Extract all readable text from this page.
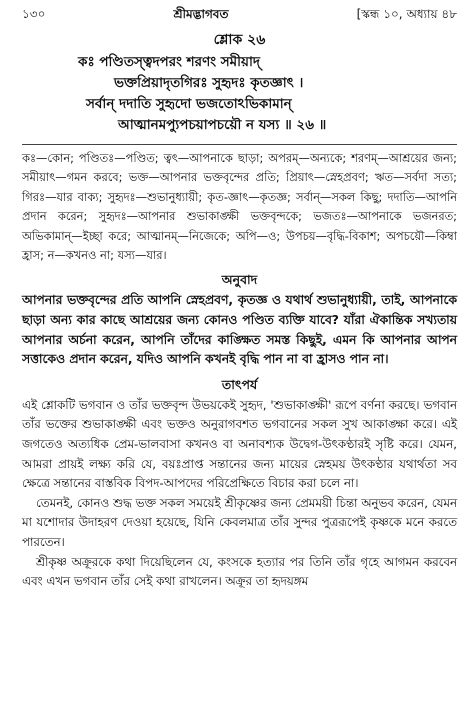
১৩০	শ্রীমদ্ভাগবত	[স্কন্ধ ১০, অধ্যায় ৪৮
শ্লোক ২৬
কঃ পণ্ডিতস্ত্বদপরং শরণং সমীয়াদ্
ভক্তপ্রিয়াদৃতগিরঃ সুহৃদঃ কৃতজ্ঞাৎ ।
সর্বান্ দদাতি সুহৃদো ভজতোঽভিকামান্
আত্মানমপ্যুপচয়াপচয়ৌ ন যস্য ॥ ২৬ ॥
কঃ—কোন; পণ্ডিতঃ—পণ্ডিত; ত্বৎ—আপনাকে ছাড়া; অপরম্—অন্যকে; শরণম্—আশ্রয়ের জন্য; সমীয়াৎ—গমন করবে; ভক্ত—আপনার ভক্তবৃন্দের প্রতি; প্রিয়াৎ—স্নেহপ্রবণ; ঋত—সর্বদা সত্য; গিরঃ—যার বাক্য; সুহৃদঃ—শুভানুধ্যায়ী; কৃত-জ্ঞাৎ—কৃতজ্ঞ; সর্বান্—সকল কিছু; দদাতি—আপনি প্রদান করেন; সুহৃদঃ—আপনার শুভাকাঙ্ক্ষী ভক্তবৃন্দকে; ভজতঃ—আপনাকে ভজনরত; অভিকামান্—ইচ্ছা করে; আত্মানম্—নিজেকে; অপি—ও; উপচয়—বৃদ্ধি-বিকাশ; অপচয়ৌ—কিম্বা হ্রাস; ন—কখনও না; যস্য—যার।
অনুবাদ
আপনার ভক্তবৃন্দের প্রতি আপনি স্নেহপ্রবণ, কৃতজ্ঞ ও যথার্থ শুভানুধ্যায়ী, তাই, আপনাকে ছাড়া অন্য কার কাছে আশ্রয়ের জন্য কোনও পণ্ডিত ব্যক্তি যাবে? যাঁরা ঐকান্তিক সখ্যতায় আপনার অর্চনা করেন, আপনি তাঁদের কাঙ্ক্ষিত সমস্ত কিছুই, এমন কি আপনার আপন সত্তাকেও প্রদান করেন, যদিও আপনি কখনই বৃদ্ধি পান না বা হ্রাসও পান না।
তাৎপর্য

এই শ্লোকটি ভগবান ও তাঁর ভক্তবৃন্দ উভয়কেই সুহৃদ, 'শুভাকাঙ্ক্ষী' রূপে বর্ণনা করছে। ভগবান তাঁর ভক্তের শুভাকাঙ্ক্ষী এবং ভক্তও অনুরাগবশত ভগবানের সকল সুখ আকাঙ্ক্ষা করে। এই জগতেও অত্যধিক প্রেম-ভালবাসা কখনও বা অনাবশ্যক উদ্বেগ-উৎকণ্ঠারই সৃষ্টি করে। যেমন, আমরা প্রায়ই লক্ষ্য করি যে, বয়ঃপ্রাপ্ত সন্তানের জন্য মায়ের স্নেহময় উৎকণ্ঠার যথার্থতা সব ক্ষেত্রে সন্তানের বাস্তবিক বিপদ-আপদের পরিপ্রেক্ষিতে বিচার করা চলে না।

তেমনই, কোনও শুদ্ধ ভক্ত সকল সময়েই শ্রীকৃষ্ণের জন্য প্রেমময়ী চিন্তা অনুভব করেন, যেমন মা যশোদার উদাহরণ দেওয়া হয়েছে, যিনি কেবলমাত্র তাঁর সুন্দর পুত্ররূপেই কৃষ্ণকে মনে করতে পারতেন।

শ্রীকৃষ্ণ অক্রূরকে কথা দিয়েছিলেন যে, কংসকে হত্যার পর তিনি তাঁর গৃহে আগমন করবেন এবং এখন ভগবান তাঁর সেই কথা রাখলেন। অক্রূর তা হৃদয়ঙ্গম
